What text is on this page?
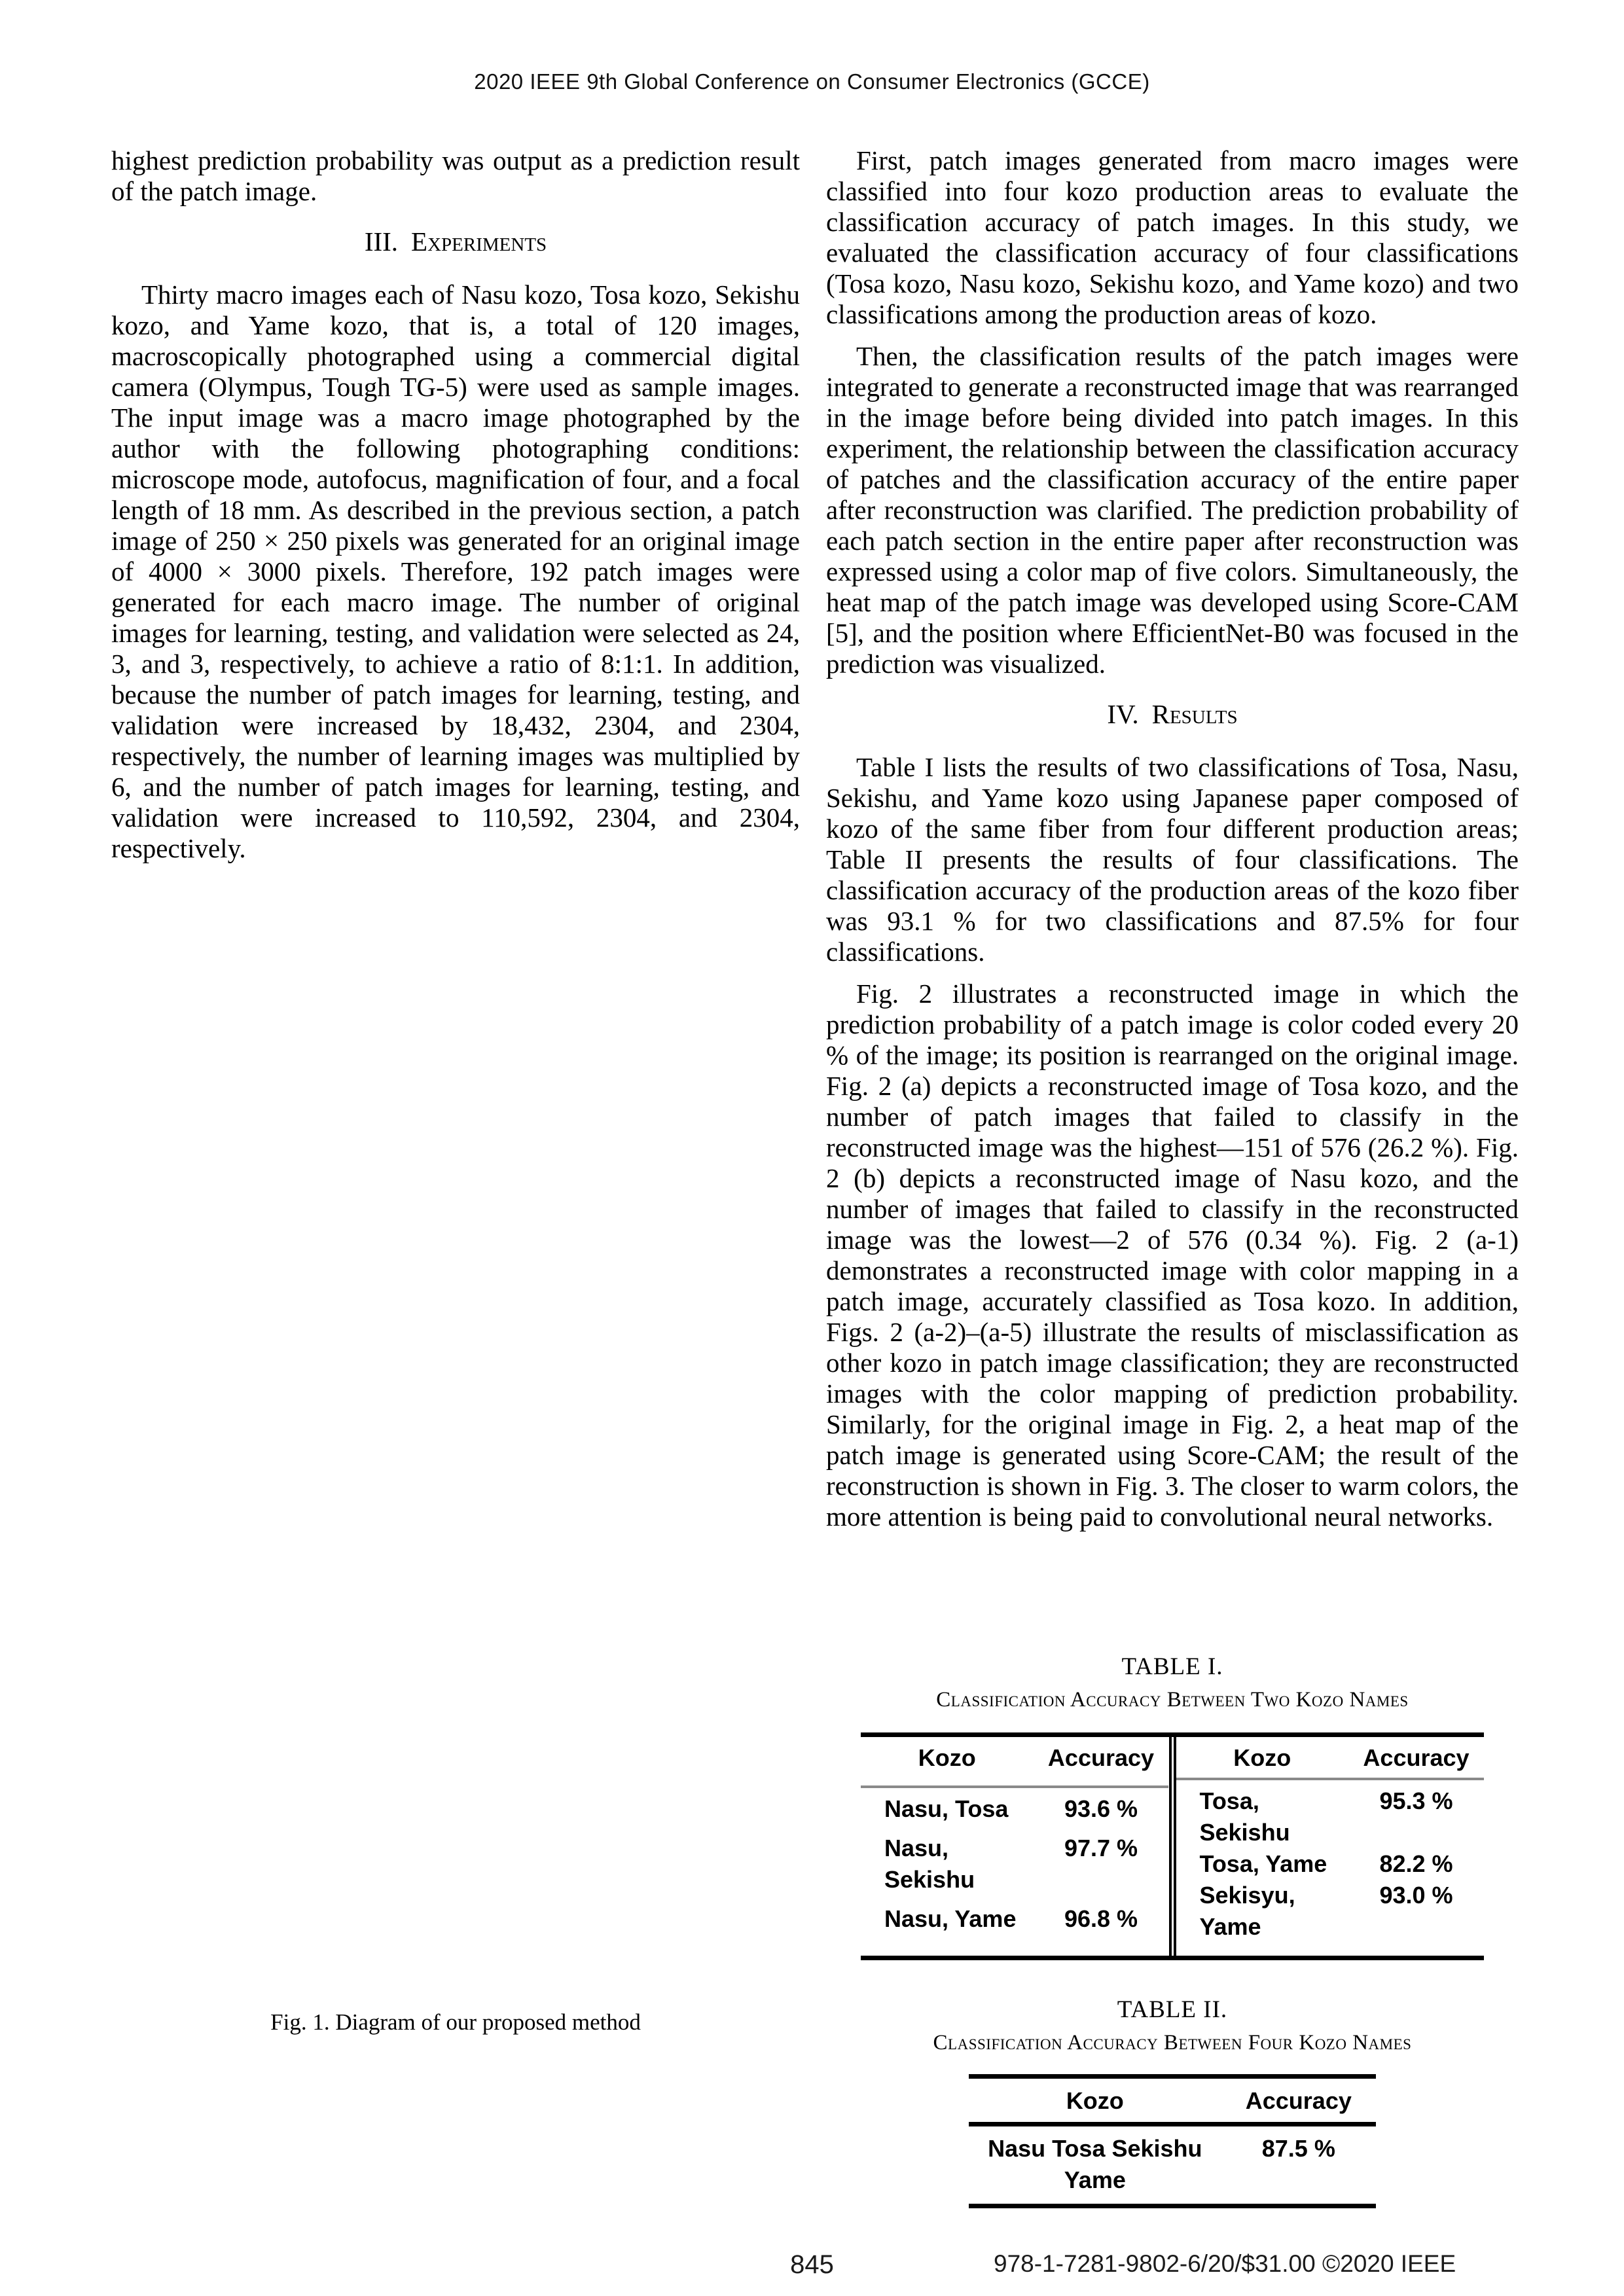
2020 IEEE 9th Global Conference on Consumer Electronics (GCCE)

highest prediction probability was output as a prediction result of the patch image.

III. Experiments

Thirty macro images each of Nasu kozo, Tosa kozo, Sekishu kozo, and Yame kozo, that is, a total of 120 images, macroscopically photographed using a commercial digital camera (Olympus, Tough TG-5) were used as sample images. The input image was a macro image photographed by the author with the following photographing conditions: microscope mode, autofocus, magnification of four, and a focal length of 18 mm. As described in the previous section, a patch image of 250 × 250 pixels was generated for an original image of 4000 × 3000 pixels. Therefore, 192 patch images were generated for each macro image. The number of original images for learning, testing, and validation were selected as 24, 3, and 3, respectively, to achieve a ratio of 8:1:1. In addition, because the number of patch images for learning, testing, and validation were increased by 18,432, 2304, and 2304, respectively, the number of learning images was multiplied by 6, and the number of patch images for learning, testing, and validation were increased to 110,592, 2304, and 2304, respectively.

Fig. 1. Diagram of our proposed method

First, patch images generated from macro images were classified into four kozo production areas to evaluate the classification accuracy of patch images. In this study, we evaluated the classification accuracy of four classifications (Tosa kozo, Nasu kozo, Sekishu kozo, and Yame kozo) and two classifications among the production areas of kozo.

Then, the classification results of the patch images were integrated to generate a reconstructed image that was rearranged in the image before being divided into patch images. In this experiment, the relationship between the classification accuracy of patches and the classification accuracy of the entire paper after reconstruction was clarified. The prediction probability of each patch section in the entire paper after reconstruction was expressed using a color map of five colors. Simultaneously, the heat map of the patch image was developed using Score-CAM [5], and the position where EfficientNet-B0 was focused in the prediction was visualized.

IV. Results

Table I lists the results of two classifications of Tosa, Nasu, Sekishu, and Yame kozo using Japanese paper composed of kozo of the same fiber from four different production areas; Table II presents the results of four classifications. The classification accuracy of the production areas of the kozo fiber was 93.1 % for two classifications and 87.5% for four classifications.

Fig. 2 illustrates a reconstructed image in which the prediction probability of a patch image is color coded every 20 % of the image; its position is rearranged on the original image. Fig. 2 (a) depicts a reconstructed image of Tosa kozo, and the number of patch images that failed to classify in the reconstructed image was the highest—151 of 576 (26.2 %). Fig. 2 (b) depicts a reconstructed image of Nasu kozo, and the number of images that failed to classify in the reconstructed image was the lowest—2 of 576 (0.34 %). Fig. 2 (a-1) demonstrates a reconstructed image with color mapping in a patch image, accurately classified as Tosa kozo. In addition, Figs. 2 (a-2)–(a-5) illustrate the results of misclassification as other kozo in patch image classification; they are reconstructed images with the color mapping of prediction probability. Similarly, for the original image in Fig. 2, a heat map of the patch image is generated using Score-CAM; the result of the reconstruction is shown in Fig. 3. The closer to warm colors, the more attention is being paid to convolutional neural networks.

TABLE I.
Classification Accuracy Between Two Kozo Names
Kozo	Accuracy
Nasu, Tosa	93.6 %
Nasu, Sekishu
97.7 %
Nasu, Yame	96.8 %
Kozo	Accuracy
Tosa, Sekishu
95.3 %
Tosa, Yame	82.2 %
Sekisyu, Yame
93.0 %
TABLE II.
Classification Accuracy Between Four Kozo Names
Kozo	Accuracy
Nasu Tosa Sekishu Yame
87.5 %
845	978-1-7281-9802-6/20/$31.00 ©2020 IEEE
